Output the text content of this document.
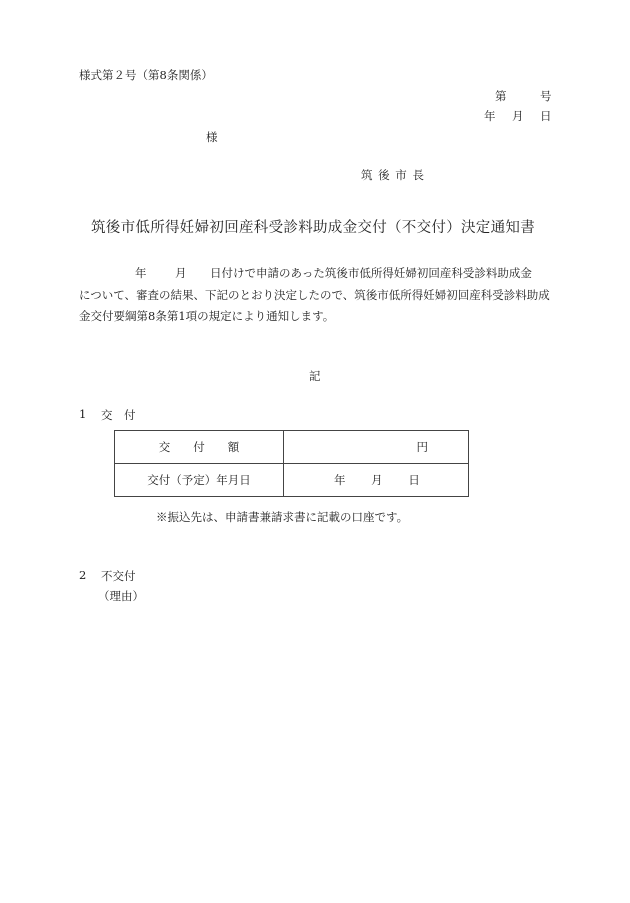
様式第２号（第8条関係）
第	号
年 月 日
様
筑 後 市 長
筑後市低所得妊婦初回産科受診料助成金交付（不交付）決定通知書
年 月 日付けで申請のあった筑後市低所得妊婦初回産科受診料助成金
について、審査の結果、下記のとおり決定したので、筑後市低所得妊婦初回産科受診料助成
金交付要綱第8条第1項の規定により通知します。
記
1 交　付
交　　付　　額	円

交付（予定）年月日	年 月 日
※振込先は、申請書兼請求書に記載の口座です。
2 不交付
（理由）
